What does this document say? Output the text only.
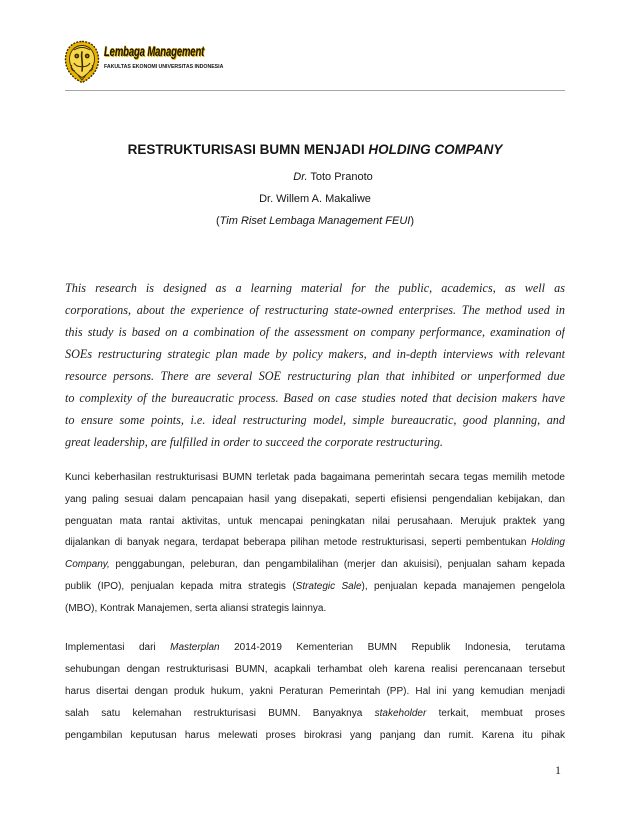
Lembaga Management
FAKULTAS EKONOMI UNIVERSITAS INDONESIA
RESTRUKTURISASI BUMN MENJADI HOLDING COMPANY
Dr. Toto Pranoto
Dr. Willem A. Makaliwe
(Tim Riset Lembaga Management FEUI)
This research is designed as a learning material for the public, academics, as well as
corporations, about the experience of restructuring state-owned enterprises. The method used in
this study is based on a combination of the assessment on company performance, examination of
SOEs restructuring strategic plan made by policy makers, and in-depth interviews with relevant
resource persons. There are several SOE restructuring plan that inhibited or unperformed due
to complexity of the bureaucratic process. Based on case studies noted that decision makers have
to ensure some points, i.e. ideal restructuring model, simple bureaucratic, good planning, and
great leadership, are fulfilled in order to succeed the corporate restructuring.
Kunci keberhasilan restrukturisasi BUMN terletak pada bagaimana pemerintah secara tegas memilih metode
yang paling sesuai dalam pencapaian hasil yang disepakati, seperti efisiensi pengendalian kebijakan, dan
penguatan mata rantai aktivitas, untuk mencapai peningkatan nilai perusahaan. Merujuk praktek yang
dijalankan di banyak negara, terdapat beberapa pilihan metode restrukturisasi, seperti pembentukan Holding
Company, penggabungan, peleburan, dan pengambilalihan (merjer dan akuisisi), penjualan saham kepada
publik (IPO), penjualan kepada mitra strategis (Strategic Sale), penjualan kepada manajemen pengelola
(MBO), Kontrak Manajemen, serta aliansi strategis lainnya.
Implementasi dari Masterplan 2014-2019 Kementerian BUMN Republik Indonesia, terutama
sehubungan dengan restrukturisasi BUMN, acapkali terhambat oleh karena realisi perencanaan tersebut
harus disertai dengan produk hukum, yakni Peraturan Pemerintah (PP). Hal ini yang kemudian menjadi
salah satu kelemahan restrukturisasi BUMN. Banyaknya stakeholder terkait, membuat proses
pengambilan keputusan harus melewati proses birokrasi yang panjang dan rumit. Karena itu pihak
1
